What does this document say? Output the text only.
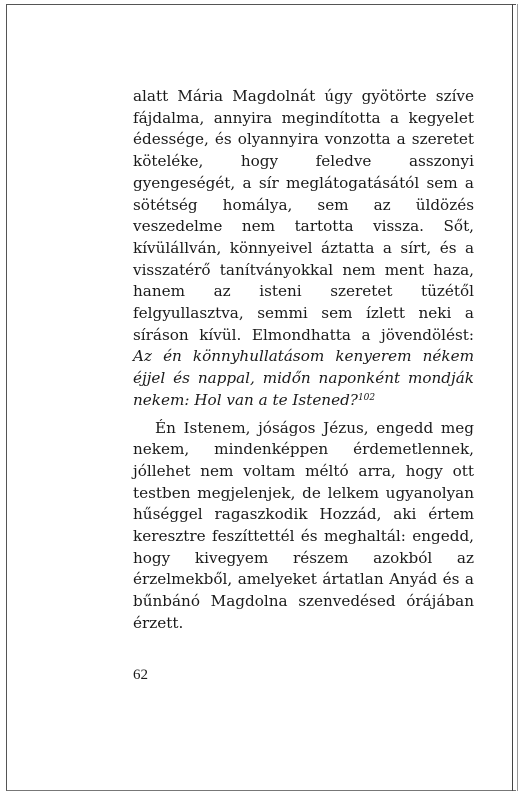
alatt Mária Magdolnát úgy gyötörte szíve fájdalma, annyira megindította a kegyelet édessége, és olyannyira vonzotta a szeretet köteléke, hogy feledve asszonyi gyengeségét, a sír meglátogatásától sem a sötétség homálya, sem az üldözés veszedelme nem tartotta vissza. Sőt, kívülállván, könnyeivel áztatta a sírt, és a visszatérő tanítványokkal nem ment haza, hanem az isteni szeretet tüzétől felgyullasztva, semmi sem ízlett neki a síráson kívül. Elmondhatta a jövendölést: Az én könnyhullatásom kenyerem nékem éjjel és nappal, midőn naponként mondják nekem: Hol van a te Istened?$^{102}$

Én Istenem, jóságos Jézus, engedd meg nekem, mindenképpen érdemetlennek, jóllehet nem voltam méltó arra, hogy ott testben megjelenjek, de lelkem ugyanolyan hűséggel ragaszkodik Hozzád, aki értem keresztre feszíttettél és meghaltál: engedd, hogy kivegyem részem azokból az érzelmekből, amelyeket ártatlan Anyád és a bűnbánó Magdolna szenvedésed órájában érzett.

62
